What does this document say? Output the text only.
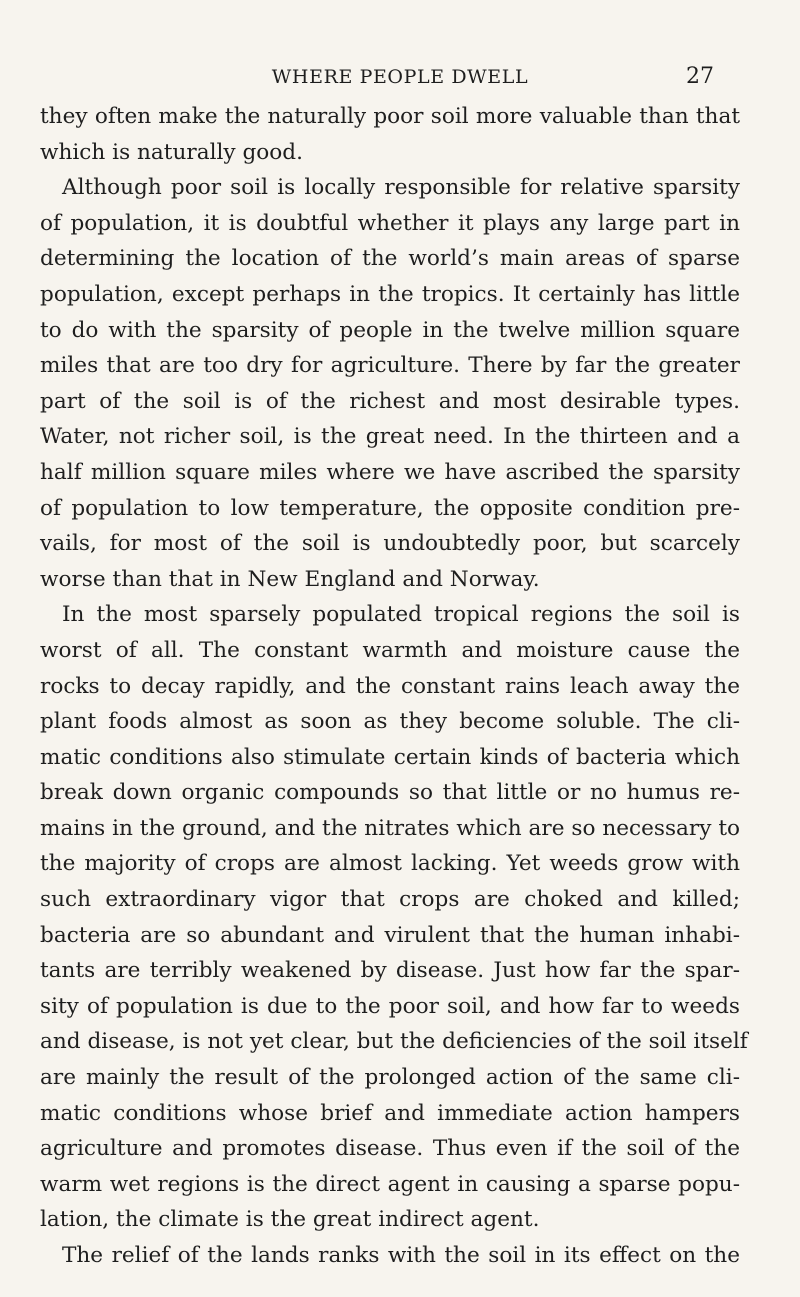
WHERE PEOPLE DWELL	27
they often make the naturally poor soil more valuable than that
which is naturally good.
Although poor soil is locally responsible for relative sparsity
of population, it is doubtful whether it plays any large part in
determining the location of the world’s main areas of sparse
population, except perhaps in the tropics. It certainly has little
to do with the sparsity of people in the twelve million square
miles that are too dry for agriculture. There by far the greater
part of the soil is of the richest and most desirable types.
Water, not richer soil, is the great need. In the thirteen and a
half million square miles where we have ascribed the sparsity
of population to low temperature, the opposite condition pre-
vails, for most of the soil is undoubtedly poor, but scarcely
worse than that in New England and Norway.
In the most sparsely populated tropical regions the soil is
worst of all. The constant warmth and moisture cause the
rocks to decay rapidly, and the constant rains leach away the
plant foods almost as soon as they become soluble. The cli-
matic conditions also stimulate certain kinds of bacteria which
break down organic compounds so that little or no humus re-
mains in the ground, and the nitrates which are so necessary to
the majority of crops are almost lacking. Yet weeds grow with
such extraordinary vigor that crops are choked and killed;
bacteria are so abundant and virulent that the human inhabi-
tants are terribly weakened by disease. Just how far the spar-
sity of population is due to the poor soil, and how far to weeds
and disease, is not yet clear, but the deficiencies of the soil itself
are mainly the result of the prolonged action of the same cli-
matic conditions whose brief and immediate action hampers
agriculture and promotes disease. Thus even if the soil of the
warm wet regions is the direct agent in causing a sparse popu-
lation, the climate is the great indirect agent.
The relief of the lands ranks with the soil in its effect on the
